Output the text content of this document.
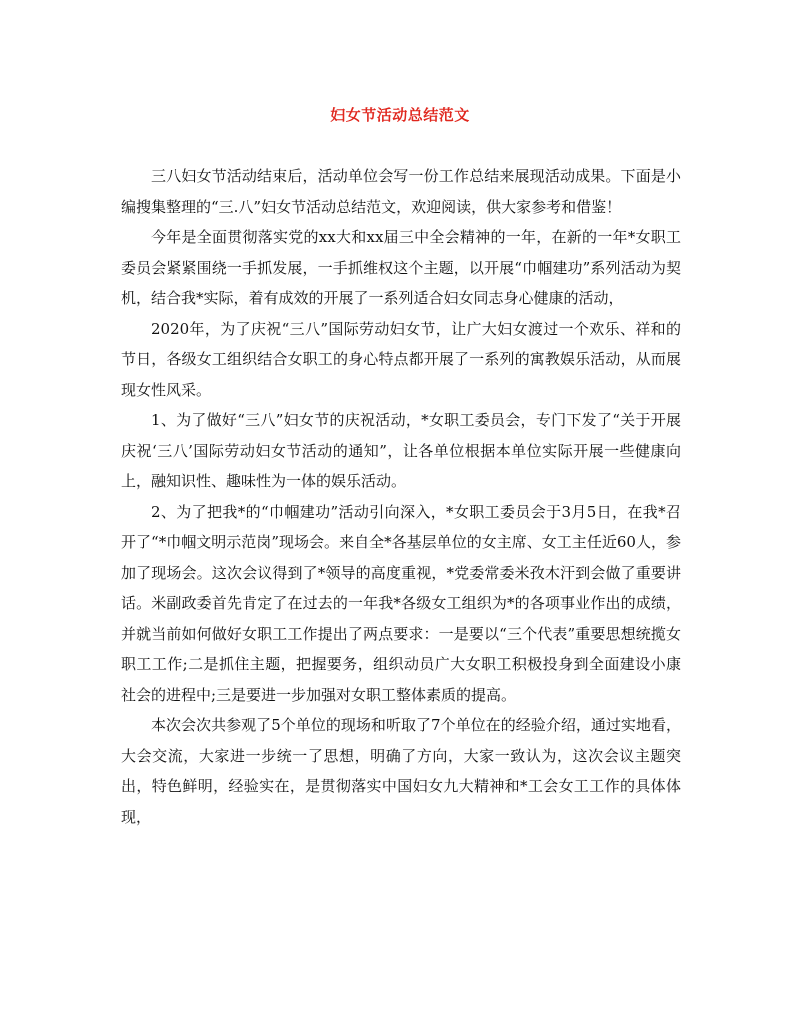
妇女节活动总结范文

三八妇女节活动结束后，活动单位会写一份工作总结来展现活动成果。下面是小编搜集整理的“三.八”妇女节活动总结范文，欢迎阅读，供大家参考和借鉴！

今年是全面贯彻落实党的xx大和xx届三中全会精神的一年，在新的一年*女职工委员会紧紧围绕一手抓发展，一手抓维权这个主题，以开展“巾帼建功”系列活动为契机，结合我*实际，着有成效的开展了一系列适合妇女同志身心健康的活动，

2020年，为了庆祝“三八”国际劳动妇女节，让广大妇女渡过一个欢乐、祥和的节日，各级女工组织结合女职工的身心特点都开展了一系列的寓教娱乐活动，从而展现女性风采。

1、为了做好“三八”妇女节的庆祝活动，*女职工委员会，专门下发了“关于开展庆祝‘三八’国际劳动妇女节活动的通知”，让各单位根据本单位实际开展一些健康向上，融知识性、趣味性为一体的娱乐活动。

2、为了把我*的“巾帼建功”活动引向深入，*女职工委员会于3月5日，在我*召开了“*巾帼文明示范岗”现场会。来自全*各基层单位的女主席、女工主任近60人，参加了现场会。这次会议得到了*领导的高度重视，*党委常委米孜木汗到会做了重要讲话。米副政委首先肯定了在过去的一年我*各级女工组织为*的各项事业作出的成绩，并就当前如何做好女职工工作提出了两点要求：一是要以“三个代表”重要思想统揽女职工工作;二是抓住主题，把握要务，组织动员广大女职工积极投身到全面建设小康社会的进程中;三是要进一步加强对女职工整体素质的提高。

本次会次共参观了5个单位的现场和听取了7个单位在的经验介绍，通过实地看，大会交流，大家进一步统一了思想，明确了方向，大家一致认为，这次会议主题突出，特色鲜明，经验实在，是贯彻落实中国妇女九大精神和*工会女工工作的具体体现，
